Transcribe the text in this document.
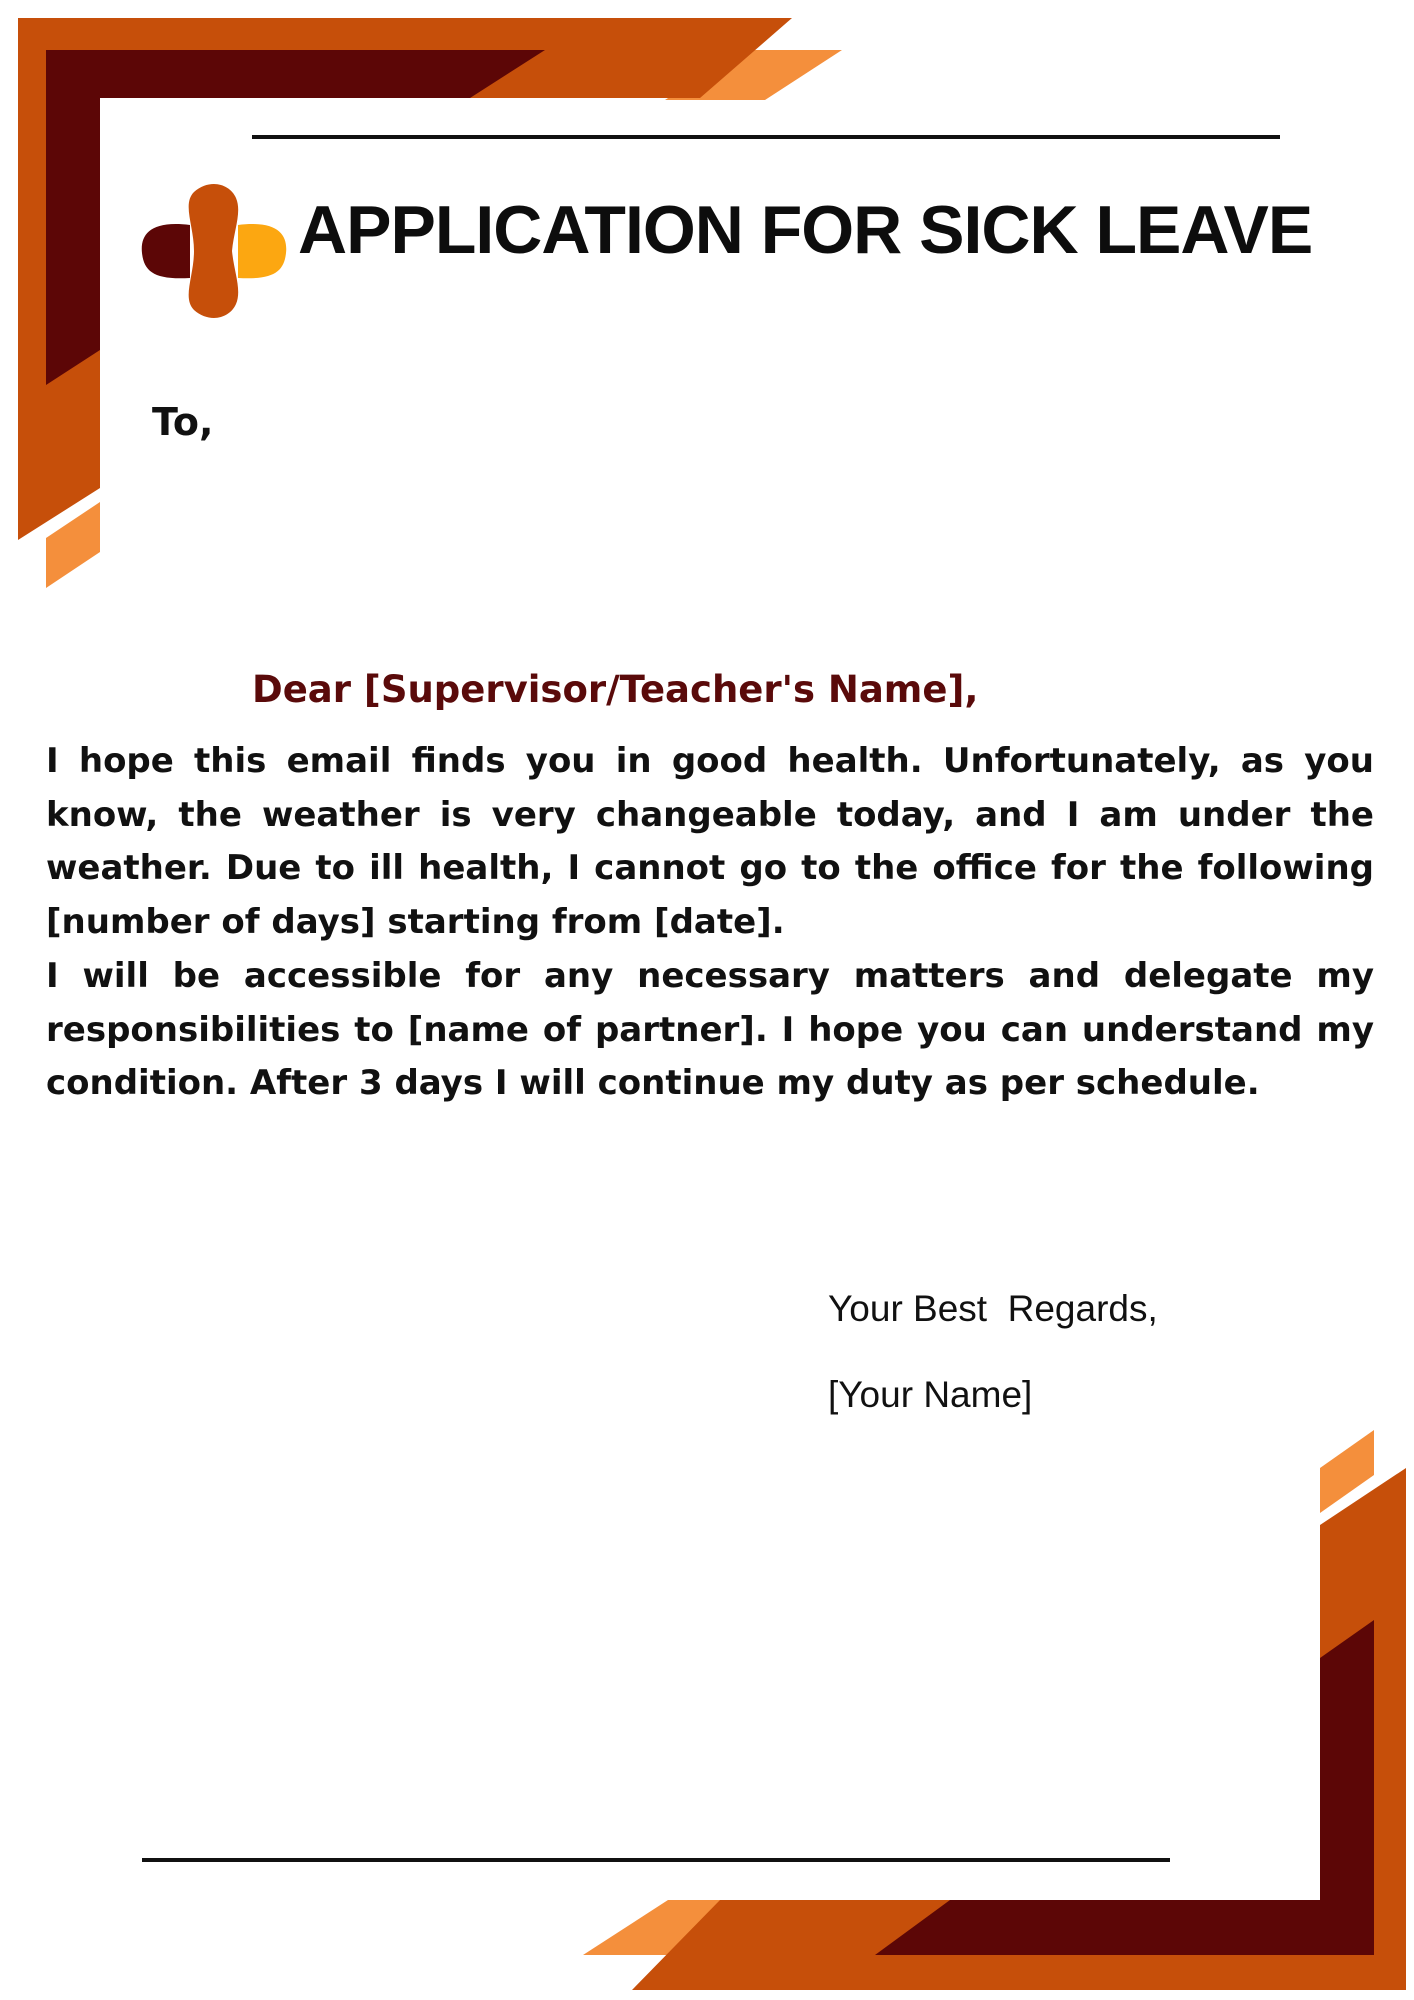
APPLICATION FOR SICK LEAVE
To,
Dear [Supervisor/Teacher's Name],

I hope this email finds you in good health. Unfortunately, as you know, the weather is very changeable today, and I am under the weather. Due to ill health, I cannot go to the office for the following [number of days] starting from [date].

I will be accessible for any necessary matters and delegate my responsibilities to [name of partner]. I hope you can understand my condition. After 3 days I will continue my duty as per schedule.

Your Best  Regards,
[Your Name]
